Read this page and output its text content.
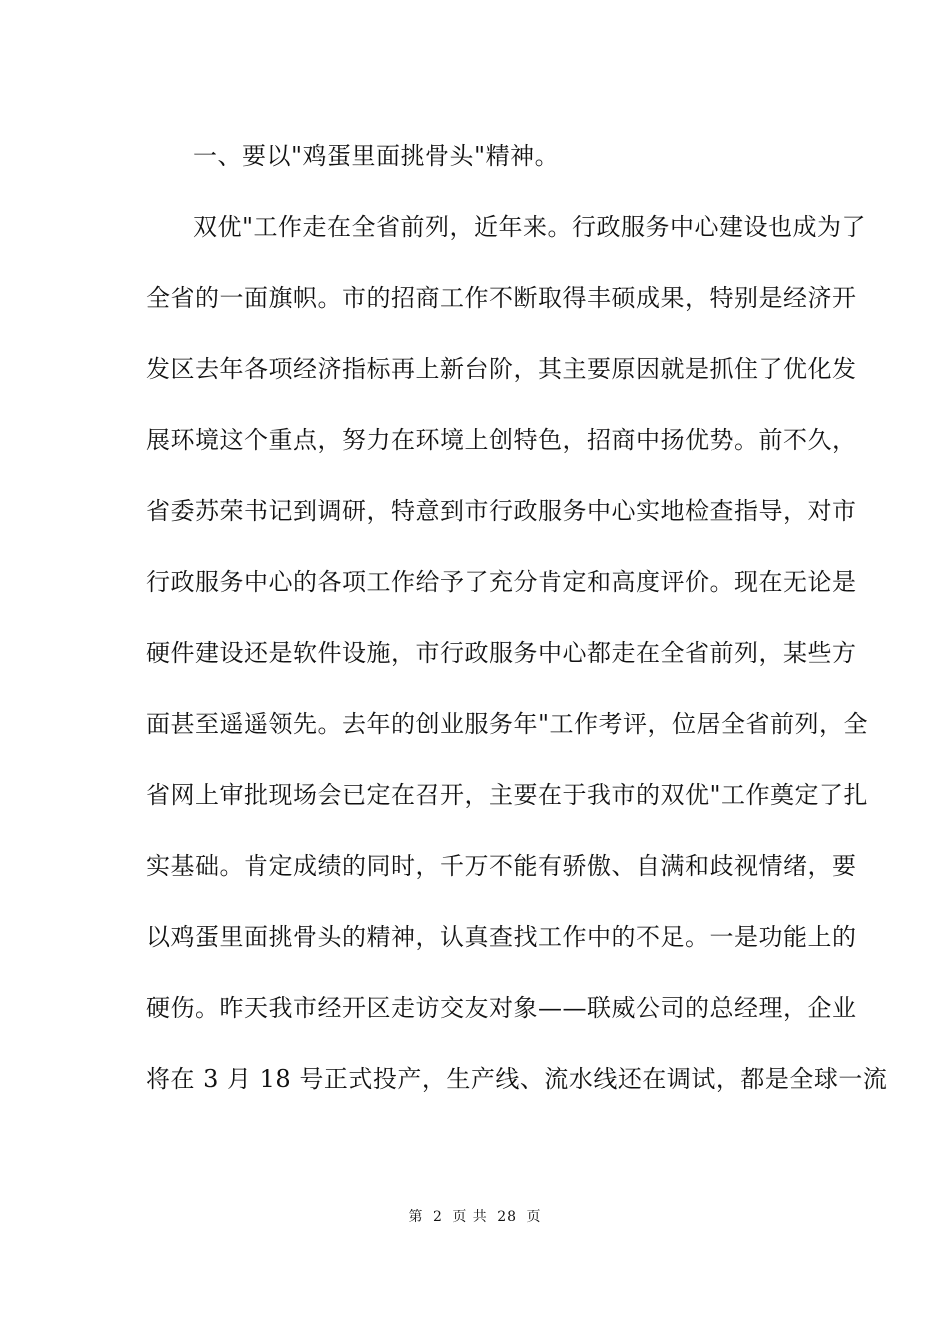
一、要以"鸡蛋里面挑骨头"精神。
双优"工作走在全省前列，近年来。行政服务中心建设也成为了
全省的一面旗帜。市的招商工作不断取得丰硕成果，特别是经济开
发区去年各项经济指标再上新台阶，其主要原因就是抓住了优化发
展环境这个重点，努力在环境上创特色，招商中扬优势。前不久，
省委苏荣书记到调研，特意到市行政服务中心实地检查指导，对市
行政服务中心的各项工作给予了充分肯定和高度评价。现在无论是
硬件建设还是软件设施，市行政服务中心都走在全省前列，某些方
面甚至遥遥领先。去年的创业服务年"工作考评，位居全省前列，全
省网上审批现场会已定在召开，主要在于我市的双优"工作奠定了扎
实基础。肯定成绩的同时，千万不能有骄傲、自满和歧视情绪，要
以鸡蛋里面挑骨头的精神，认真查找工作中的不足。一是功能上的
硬伤。昨天我市经开区走访交友对象——联威公司的总经理，企业
将在 3 月 18 号正式投产，生产线、流水线还在调试，都是全球一流
第 2 页 共 28 页
